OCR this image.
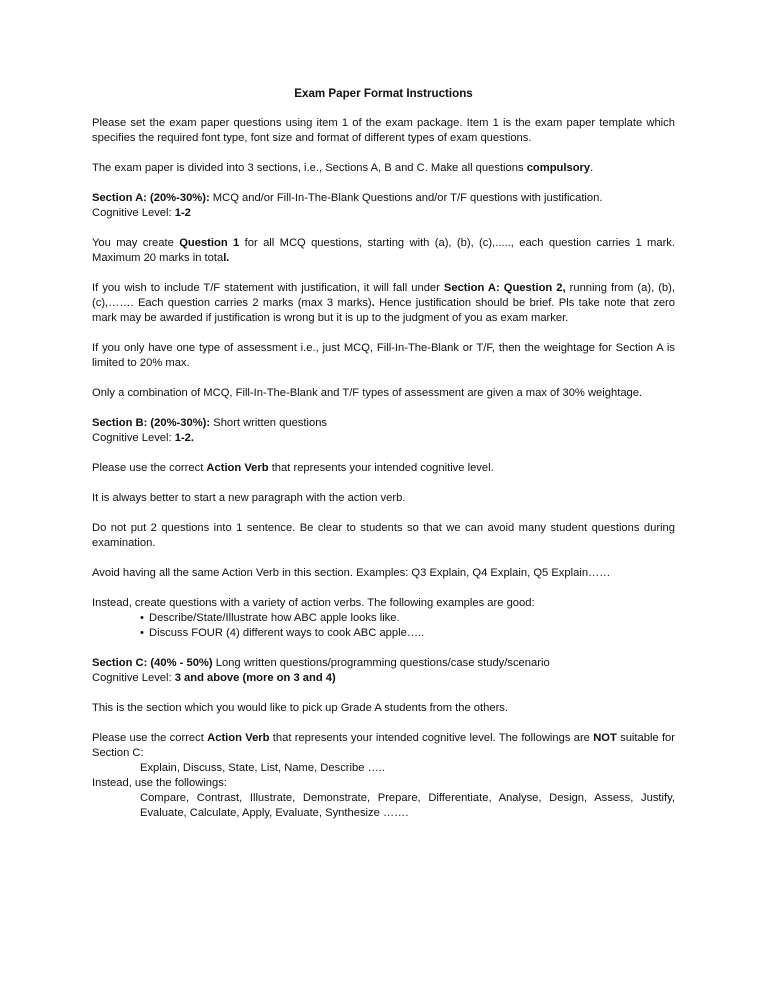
Exam Paper Format Instructions

Please set the exam paper questions using item 1 of the exam package. Item 1 is the exam paper template which specifies the required font type, font size and format of different types of exam questions.

The exam paper is divided into 3 sections, i.e., Sections A, B and C. Make all questions compulsory.

Section A: (20%-30%): MCQ and/or Fill-In-The-Blank Questions and/or T/F questions with justification.
Cognitive Level: 1-2

You may create Question 1 for all MCQ questions, starting with (a), (b), (c),....., each question carries 1 mark. Maximum 20 marks in total.

If you wish to include T/F statement with justification, it will fall under Section A: Question 2, running from (a), (b), (c),……. Each question carries 2 marks (max 3 marks). Hence justification should be brief. Pls take note that zero mark may be awarded if justification is wrong but it is up to the judgment of you as exam marker.

If you only have one type of assessment i.e., just MCQ, Fill-In-The-Blank or T/F, then the weightage for Section A is limited to 20% max.

Only a combination of MCQ, Fill-In-The-Blank and T/F types of assessment are given a max of 30% weightage.

Section B: (20%-30%): Short written questions
Cognitive Level: 1-2.

Please use the correct Action Verb that represents your intended cognitive level.

It is always better to start a new paragraph with the action verb.

Do not put 2 questions into 1 sentence. Be clear to students so that we can avoid many student questions during examination.

Avoid having all the same Action Verb in this section. Examples: Q3 Explain, Q4 Explain, Q5 Explain……

Instead, create questions with a variety of action verbs. The following examples are good:

• Describe/State/Illustrate how ABC apple looks like.
• Discuss FOUR (4) different ways to cook ABC apple…..

Section C: (40% - 50%) Long written questions/programming questions/case study/scenario
Cognitive Level: 3 and above (more on 3 and 4)

This is the section which you would like to pick up Grade A students from the others.

Please use the correct Action Verb that represents your intended cognitive level. The followings are NOT suitable for Section C:

Explain, Discuss, State, List, Name, Describe …..
Instead, use the followings:
Compare, Contrast, Illustrate, Demonstrate, Prepare, Differentiate, Analyse, Design, Assess, Justify, Evaluate, Calculate, Apply, Evaluate, Synthesize …….
